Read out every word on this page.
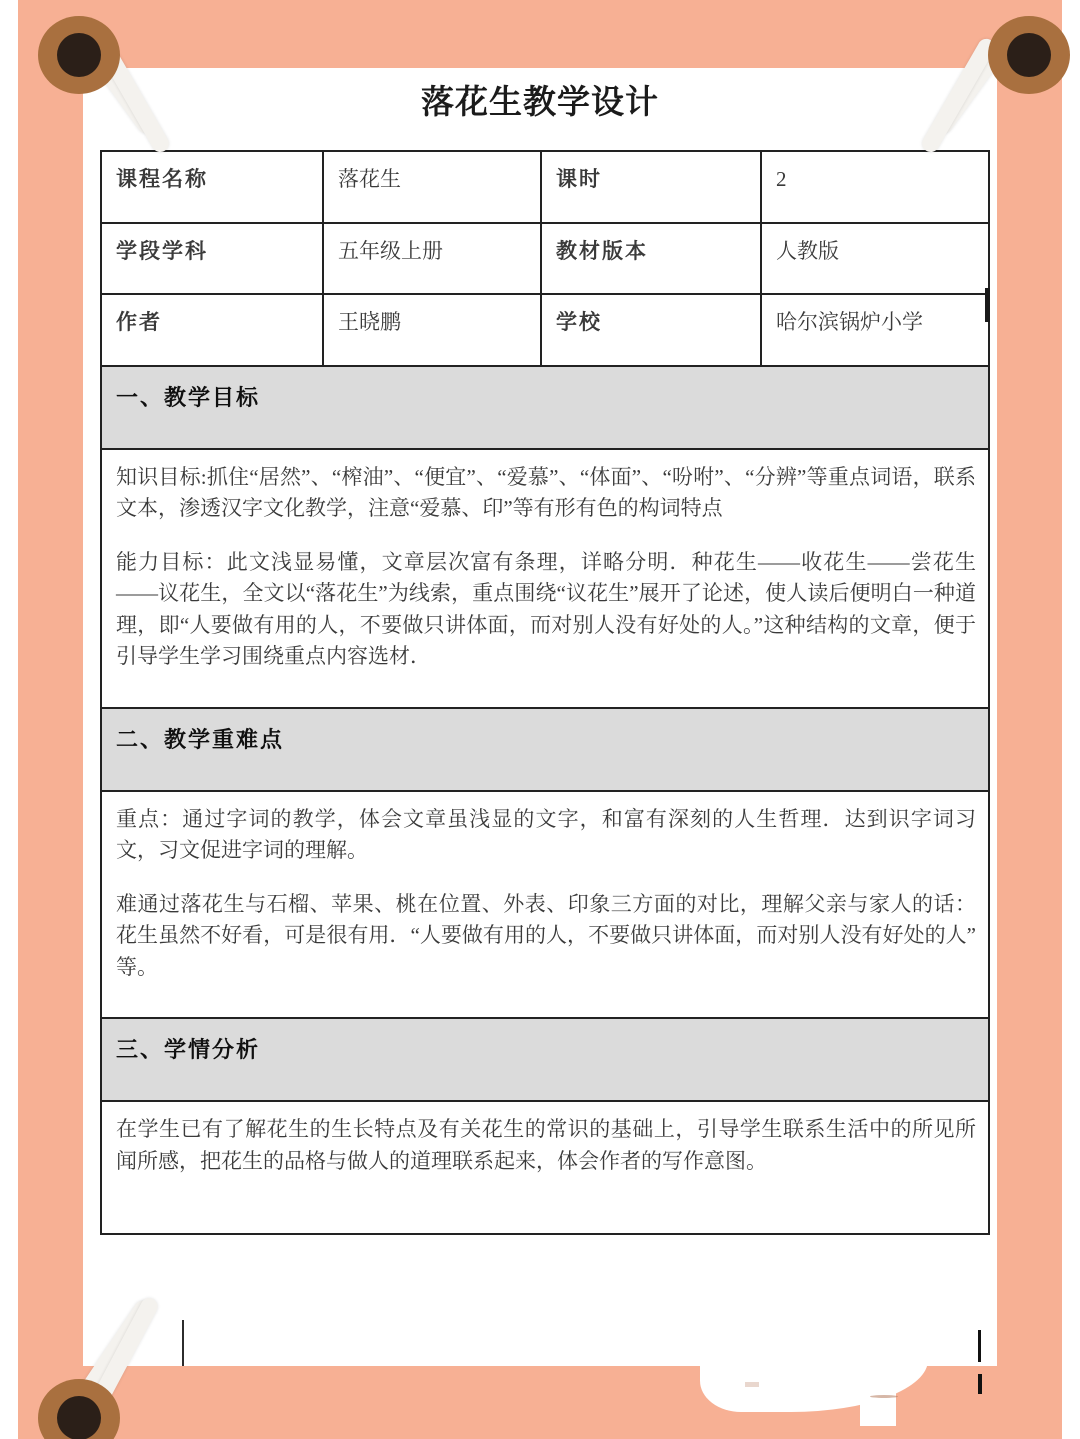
落花生教学设计
课程名称	落花生	课时	2
学段学科	五年级上册	教材版本	人教版
作者	王晓鹏	学校	哈尔滨锅炉小学
一、教学目标			

知识目标:抓住“居然”、“榨油”、“便宜”、“爱慕”、“体面”、“吩咐”、“分辨”等重点词语，联系文本，渗透汉字文化教学，注意“爱慕、印”等有形有色的构词特点

能力目标：此文浅显易懂，文章层次富有条理，详略分明．种花生——收花生——尝花生——议花生，全文以“落花生”为线索，重点围绕“议花生”展开了论述，使人读后便明白一种道理，即“人要做有用的人，不要做只讲体面，而对别人没有好处的人。”这种结构的文章，便于引导学生学习围绕重点内容选材．			

二、教学重难点			

重点：通过字词的教学，体会文章虽浅显的文字，和富有深刻的人生哲理．达到识字词习文，习文促进字词的理解。

难通过落花生与石榴、苹果、桃在位置、外表、印象三方面的对比，理解父亲与家人的话：花生虽然不好看，可是很有用．“人要做有用的人，不要做只讲体面，而对别人没有好处的人”等。			

三、学情分析			

在学生已有了解花生的生长特点及有关花生的常识的基础上，引导学生联系生活中的所见所闻所感，把花生的品格与做人的道理联系起来，体会作者的写作意图。			
